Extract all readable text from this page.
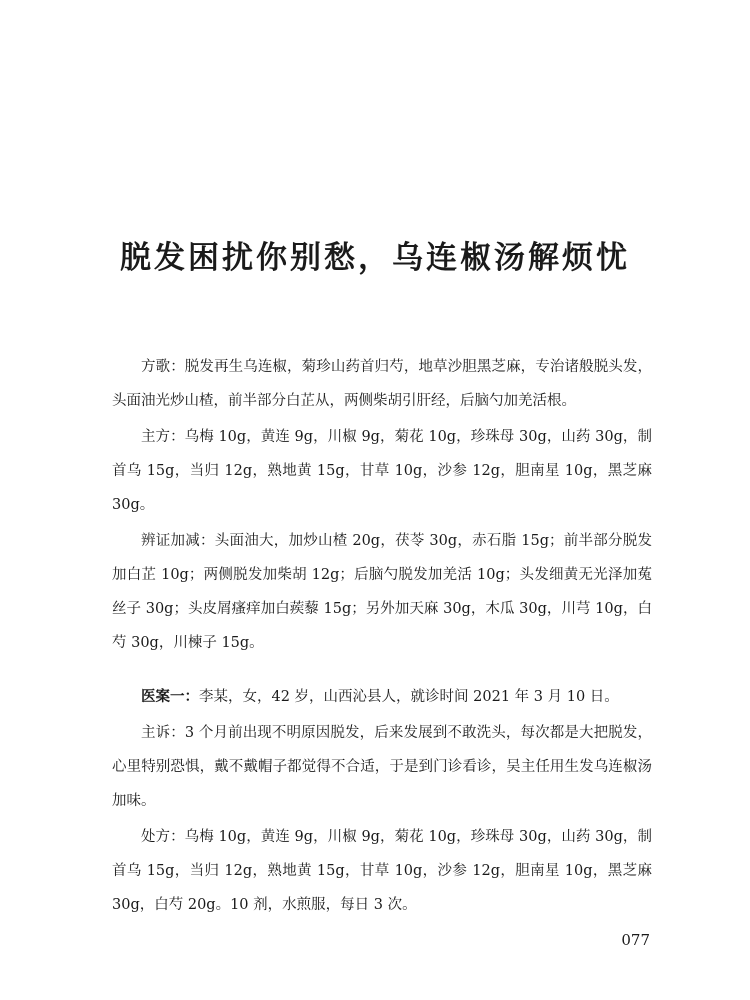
脱发困扰你别愁，乌连椒汤解烦忧

方歌：脱发再生乌连椒，菊珍山药首归芍，地草沙胆黑芝麻，专治诸般脱头发，头面油光炒山楂，前半部分白芷从，两侧柴胡引肝经，后脑勺加羌活根。

主方：乌梅 10g，黄连 9g，川椒 9g，菊花 10g，珍珠母 30g，山药 30g，制首乌 15g，当归 12g，熟地黄 15g，甘草 10g，沙参 12g，胆南星 10g，黑芝麻 30g。

辨证加减：头面油大，加炒山楂 20g，茯苓 30g，赤石脂 15g；前半部分脱发加白芷 10g；两侧脱发加柴胡 12g；后脑勺脱发加羌活 10g；头发细黄无光泽加菟丝子 30g；头皮屑瘙痒加白蒺藜 15g；另外加天麻 30g，木瓜 30g，川芎 10g，白芍 30g，川楝子 15g。

医案一：李某，女，42 岁，山西沁县人，就诊时间 2021 年 3 月 10 日。

主诉：3 个月前出现不明原因脱发，后来发展到不敢洗头，每次都是大把脱发，心里特别恐惧，戴不戴帽子都觉得不合适，于是到门诊看诊，吴主任用生发乌连椒汤加味。

处方：乌梅 10g，黄连 9g，川椒 9g，菊花 10g，珍珠母 30g，山药 30g，制首乌 15g，当归 12g，熟地黄 15g，甘草 10g，沙参 12g，胆南星 10g，黑芝麻 30g，白芍 20g。10 剂，水煎服，每日 3 次。

077
